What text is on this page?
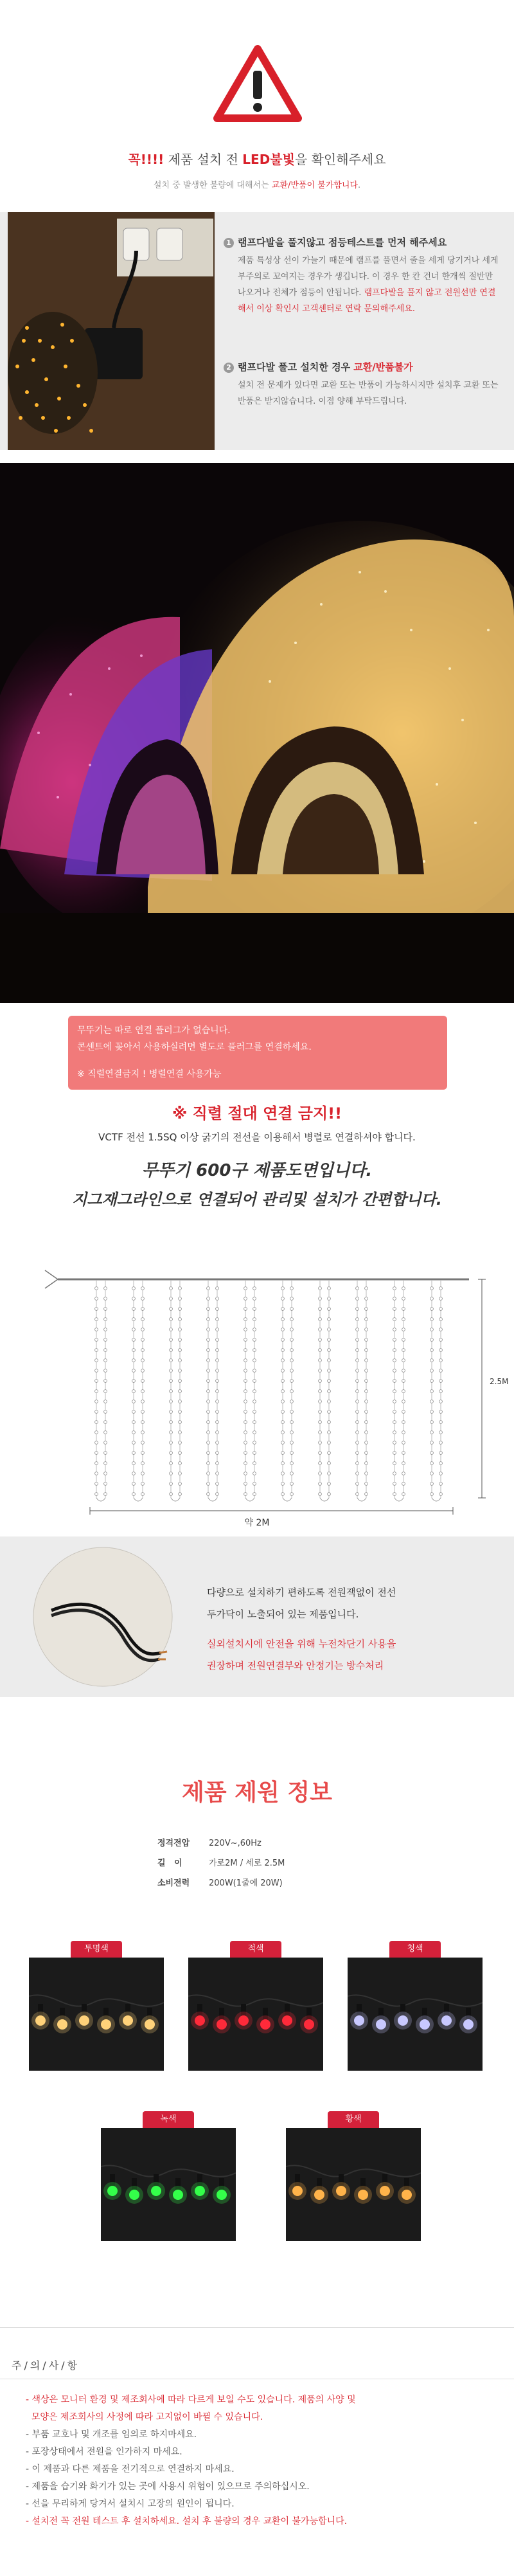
꼭!!!! 제품 설치 전 LED불빛을 확인해주세요
설치 중 발생한 불량에 대해서는 교환/반품이 불가합니다.
1 램프다발을 풀지않고 점등테스트를 먼저 해주세요
제품 특성상 선이 가늘기 때문에 램프를 풀면서 줄을 세게 당기거나 세게 부주의로 꼬여지는 경우가 생깁니다. 이 경우 한 칸 건너 한개씩 절반만 나오거나 전체가 점등이 안됩니다. 램프다발을 풀지 않고 전원선만 연결해서 이상 확인시 고객센터로 연락 문의해주세요.
2 램프다발 풀고 설치한 경우 교환/반품불가
설치 전 문제가 있다면 교환 또는 반품이 가능하시지만 설치후 교환 또는 반품은 받지않습니다. 이점 양해 부탁드립니다.

무뚜기는 따로 연결 플러그가 없습니다.

콘센트에 꽂아서 사용하실려면 별도로 플러그를 연결하세요.

※ 직렬연결금지 ! 병렬연결 사용가능

※ 직렬 절대 연결 금지!!
VCTF 전선 1.5SQ 이상 굵기의 전선을 이용해서 병렬로 연결하셔야 합니다.
무뚜기 600구 제품도면입니다.
지그재그라인으로 연결되어 관리및 설치가 간편합니다.
2.5M
약 2M
다량으로 설치하기 편하도록 전원잭없이 전선
두가닥이 노출되어 있는 제품입니다.
실외설치시에 안전을 위해 누전차단기 사용을
권장하며 전원연결부와 안정기는 방수처리
제품 제원 정보
정격전압 220V~,60Hz
길   이	가로2M / 세로 2.5M
소비전력 200W(1줄에 20W)
투명색	적색	청색
녹색	황색
주/의/사/항
- 색상은 모니터 환경 및 제조회사에 따라 다르게 보일 수도 있습니다. 제품의 사양 및
모양은 제조회사의 사정에 따라 고지없이 바뀔 수 있습니다.
- 부품 교호나 및 개조를 임의로 하지마세요.
- 포장상태에서 전원을 인가하지 마세요.
- 이 제품과 다른 제품을 전기적으로 연결하지 마세요.
- 제품을 습기와 화기가 있는 곳에 사용시 위험이 있으므로 주의하십시오.
- 선을 무리하게 당겨서 설치시 고장의 원인이 됩니다.
- 설치전 꼭 전원 테스트 후 설치하세요. 설치 후 불량의 경우 교환이 불가능합니다.
